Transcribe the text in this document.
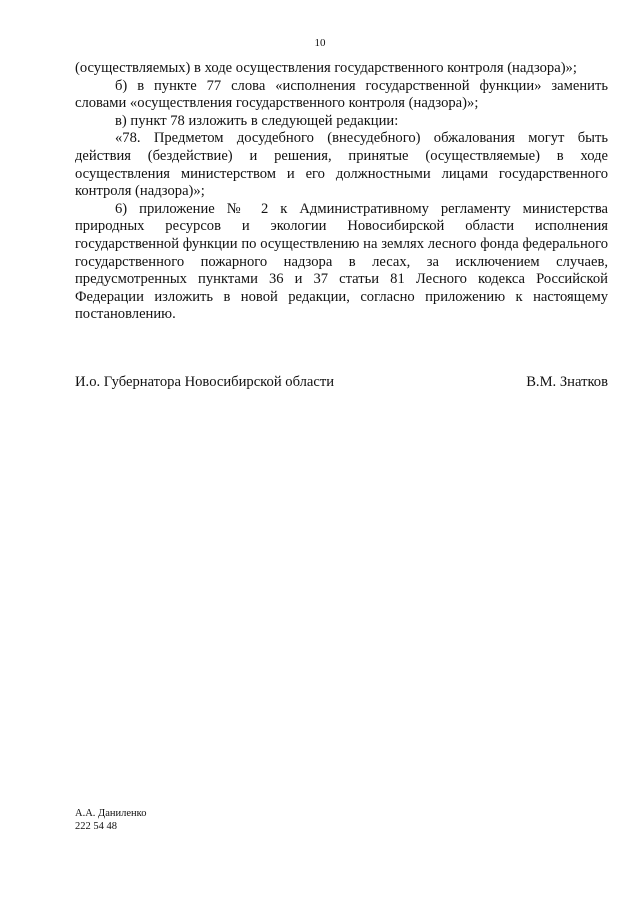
10

(осуществляемых) в ходе осуществления государственного контроля (надзора)»;

б) в пункте 77 слова «исполнения государственной функции» заменить словами «осуществления государственного контроля (надзора)»;

в) пункт 78 изложить в следующей редакции:

«78. Предметом досудебного (внесудебного) обжалования могут быть действия (бездействие) и решения, принятые (осуществляемые) в ходе осуществления министерством и его должностными лицами государственного контроля (надзора)»;

6) приложение № 2 к Административному регламенту министерства природных ресурсов и экологии Новосибирской области исполнения государственной функции по осуществлению на землях лесного фонда федерального государственного пожарного надзора в лесах, за исключением случаев, предусмотренных пунктами 36 и 37 статьи 81 Лесного кодекса Российской Федерации изложить в новой редакции, согласно приложению к настоящему постановлению.

И.о. Губернатора Новосибирской области	В.М. Знатков
А.А. Даниленко
222 54 48
